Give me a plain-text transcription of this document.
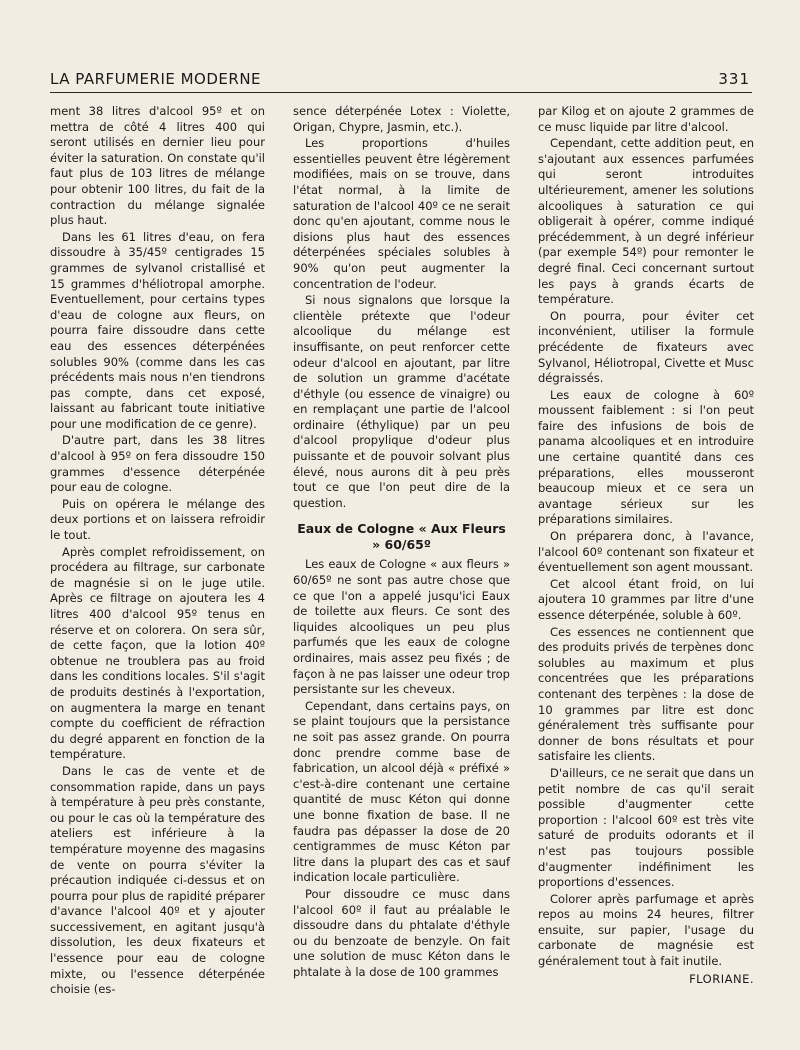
LA PARFUMERIE MODERNE	331

ment 38 litres d'alcool 95º et on mettra de côté 4 litres 400 qui seront utilisés en dernier lieu pour éviter la saturation. On constate qu'il faut plus de 103 litres de mélange pour obtenir 100 litres, du fait de la contraction du mélange signalée plus haut.

Dans les 61 litres d'eau, on fera dissoudre à 35/45º centigrades 15 grammes de sylvanol cristallisé et 15 grammes d'héliotropal amorphe. Eventuellement, pour certains types d'eau de cologne aux fleurs, on pourra faire dissoudre dans cette eau des essences déterpénées solubles 90% (comme dans les cas précédents mais nous n'en tiendrons pas compte, dans cet exposé, laissant au fabricant toute initiative pour une modification de ce genre).

D'autre part, dans les 38 litres d'alcool à 95º on fera dissoudre 150 grammes d'essence déterpénée pour eau de cologne.

Puis on opérera le mélange des deux portions et on laissera refroidir le tout.

Après complet refroidissement, on procédera au filtrage, sur carbonate de magnésie si on le juge utile. Après ce filtrage on ajoutera les 4 litres 400 d'alcool 95º tenus en réserve et on colorera. On sera sûr, de cette façon, que la lotion 40º obtenue ne troublera pas au froid dans les conditions locales. S'il s'agit de produits destinés à l'exportation, on augmentera la marge en tenant compte du coefficient de réfraction du degré apparent en fonction de la température.

Dans le cas de vente et de consommation rapide, dans un pays à température à peu près constante, ou pour le cas où la température des ateliers est inférieure à la température moyenne des magasins de vente on pourra s'éviter la précaution indiquée ci-dessus et on pourra pour plus de rapidité préparer d'avance l'alcool 40º et y ajouter successivement, en agitant jusqu'à dissolution, les deux fixateurs et l'essence pour eau de cologne mixte, ou l'essence déterpénée choisie (es-

sence déterpénée Lotex : Violette, Origan, Chypre, Jasmin, etc.).

Les proportions d'huiles essentielles peuvent être légèrement modifiées, mais on se trouve, dans l'état normal, à la limite de saturation de l'alcool 40º ce ne serait donc qu'en ajoutant, comme nous le disions plus haut des essences déterpénées spéciales solubles à 90% qu'on peut augmenter la concentration de l'odeur.

Si nous signalons que lorsque la clientèle prétexte que l'odeur alcoolique du mélange est insuffisante, on peut renforcer cette odeur d'alcool en ajoutant, par litre de solution un gramme d'acétate d'éthyle (ou essence de vinaigre) ou en remplaçant une partie de l'alcool ordinaire (éthylique) par un peu d'alcool propylique d'odeur plus puissante et de pouvoir solvant plus élevé, nous aurons dit à peu près tout ce que l'on peut dire de la question.

Eaux de Cologne « Aux Fleurs » 60/65º

Les eaux de Cologne « aux fleurs » 60/65º ne sont pas autre chose que ce que l'on a appelé jusqu'ici Eaux de toilette aux fleurs. Ce sont des liquides alcooliques un peu plus parfumés que les eaux de cologne ordinaires, mais assez peu fixés ; de façon à ne pas laisser une odeur trop persistante sur les cheveux.

Cependant, dans certains pays, on se plaint toujours que la persistance ne soit pas assez grande. On pourra donc prendre comme base de fabrication, un alcool déjà « préfixé » c'est-à-dire contenant une certaine quantité de musc Kéton qui donne une bonne fixation de base. Il ne faudra pas dépasser la dose de 20 centigrammes de musc Kéton par litre dans la plupart des cas et sauf indication locale particulière.

Pour dissoudre ce musc dans l'alcool 60º il faut au préalable le dissoudre dans du phtalate d'éthyle ou du benzoate de benzyle. On fait une solution de musc Kéton dans le phtalate à la dose de 100 grammes

par Kilog et on ajoute 2 grammes de ce musc liquide par litre d'alcool.

Cependant, cette addition peut, en s'ajoutant aux essences parfumées qui seront introduites ultérieurement, amener les solutions alcooliques à saturation ce qui obligerait à opérer, comme indiqué précédemment, à un degré inférieur (par exemple 54º) pour remonter le degré final. Ceci concernant surtout les pays à grands écarts de température.

On pourra, pour éviter cet inconvénient, utiliser la formule précédente de fixateurs avec Sylvanol, Héliotropal, Civette et Musc dégraissés.

Les eaux de cologne à 60º moussent faiblement : si l'on peut faire des infusions de bois de panama alcooliques et en introduire une certaine quantité dans ces préparations, elles mousseront beaucoup mieux et ce sera un avantage sérieux sur les préparations similaires.

On préparera donc, à l'avance, l'alcool 60º contenant son fixateur et éventuellement son agent moussant.

Cet alcool étant froid, on lui ajoutera 10 grammes par litre d'une essence déterpénée, soluble à 60º.

Ces essences ne contiennent que des produits privés de terpènes donc solubles au maximum et plus concentrées que les préparations contenant des terpènes : la dose de 10 grammes par litre est donc généralement très suffisante pour donner de bons résultats et pour satisfaire les clients.

D'ailleurs, ce ne serait que dans un petit nombre de cas qu'il serait possible d'augmenter cette proportion : l'alcool 60º est très vite saturé de produits odorants et il n'est pas toujours possible d'augmenter indéfiniment les proportions d'essences.

Colorer après parfumage et après repos au moins 24 heures, filtrer ensuite, sur papier, l'usage du carbonate de magnésie est généralement tout à fait inutile.

FLORIANE.
